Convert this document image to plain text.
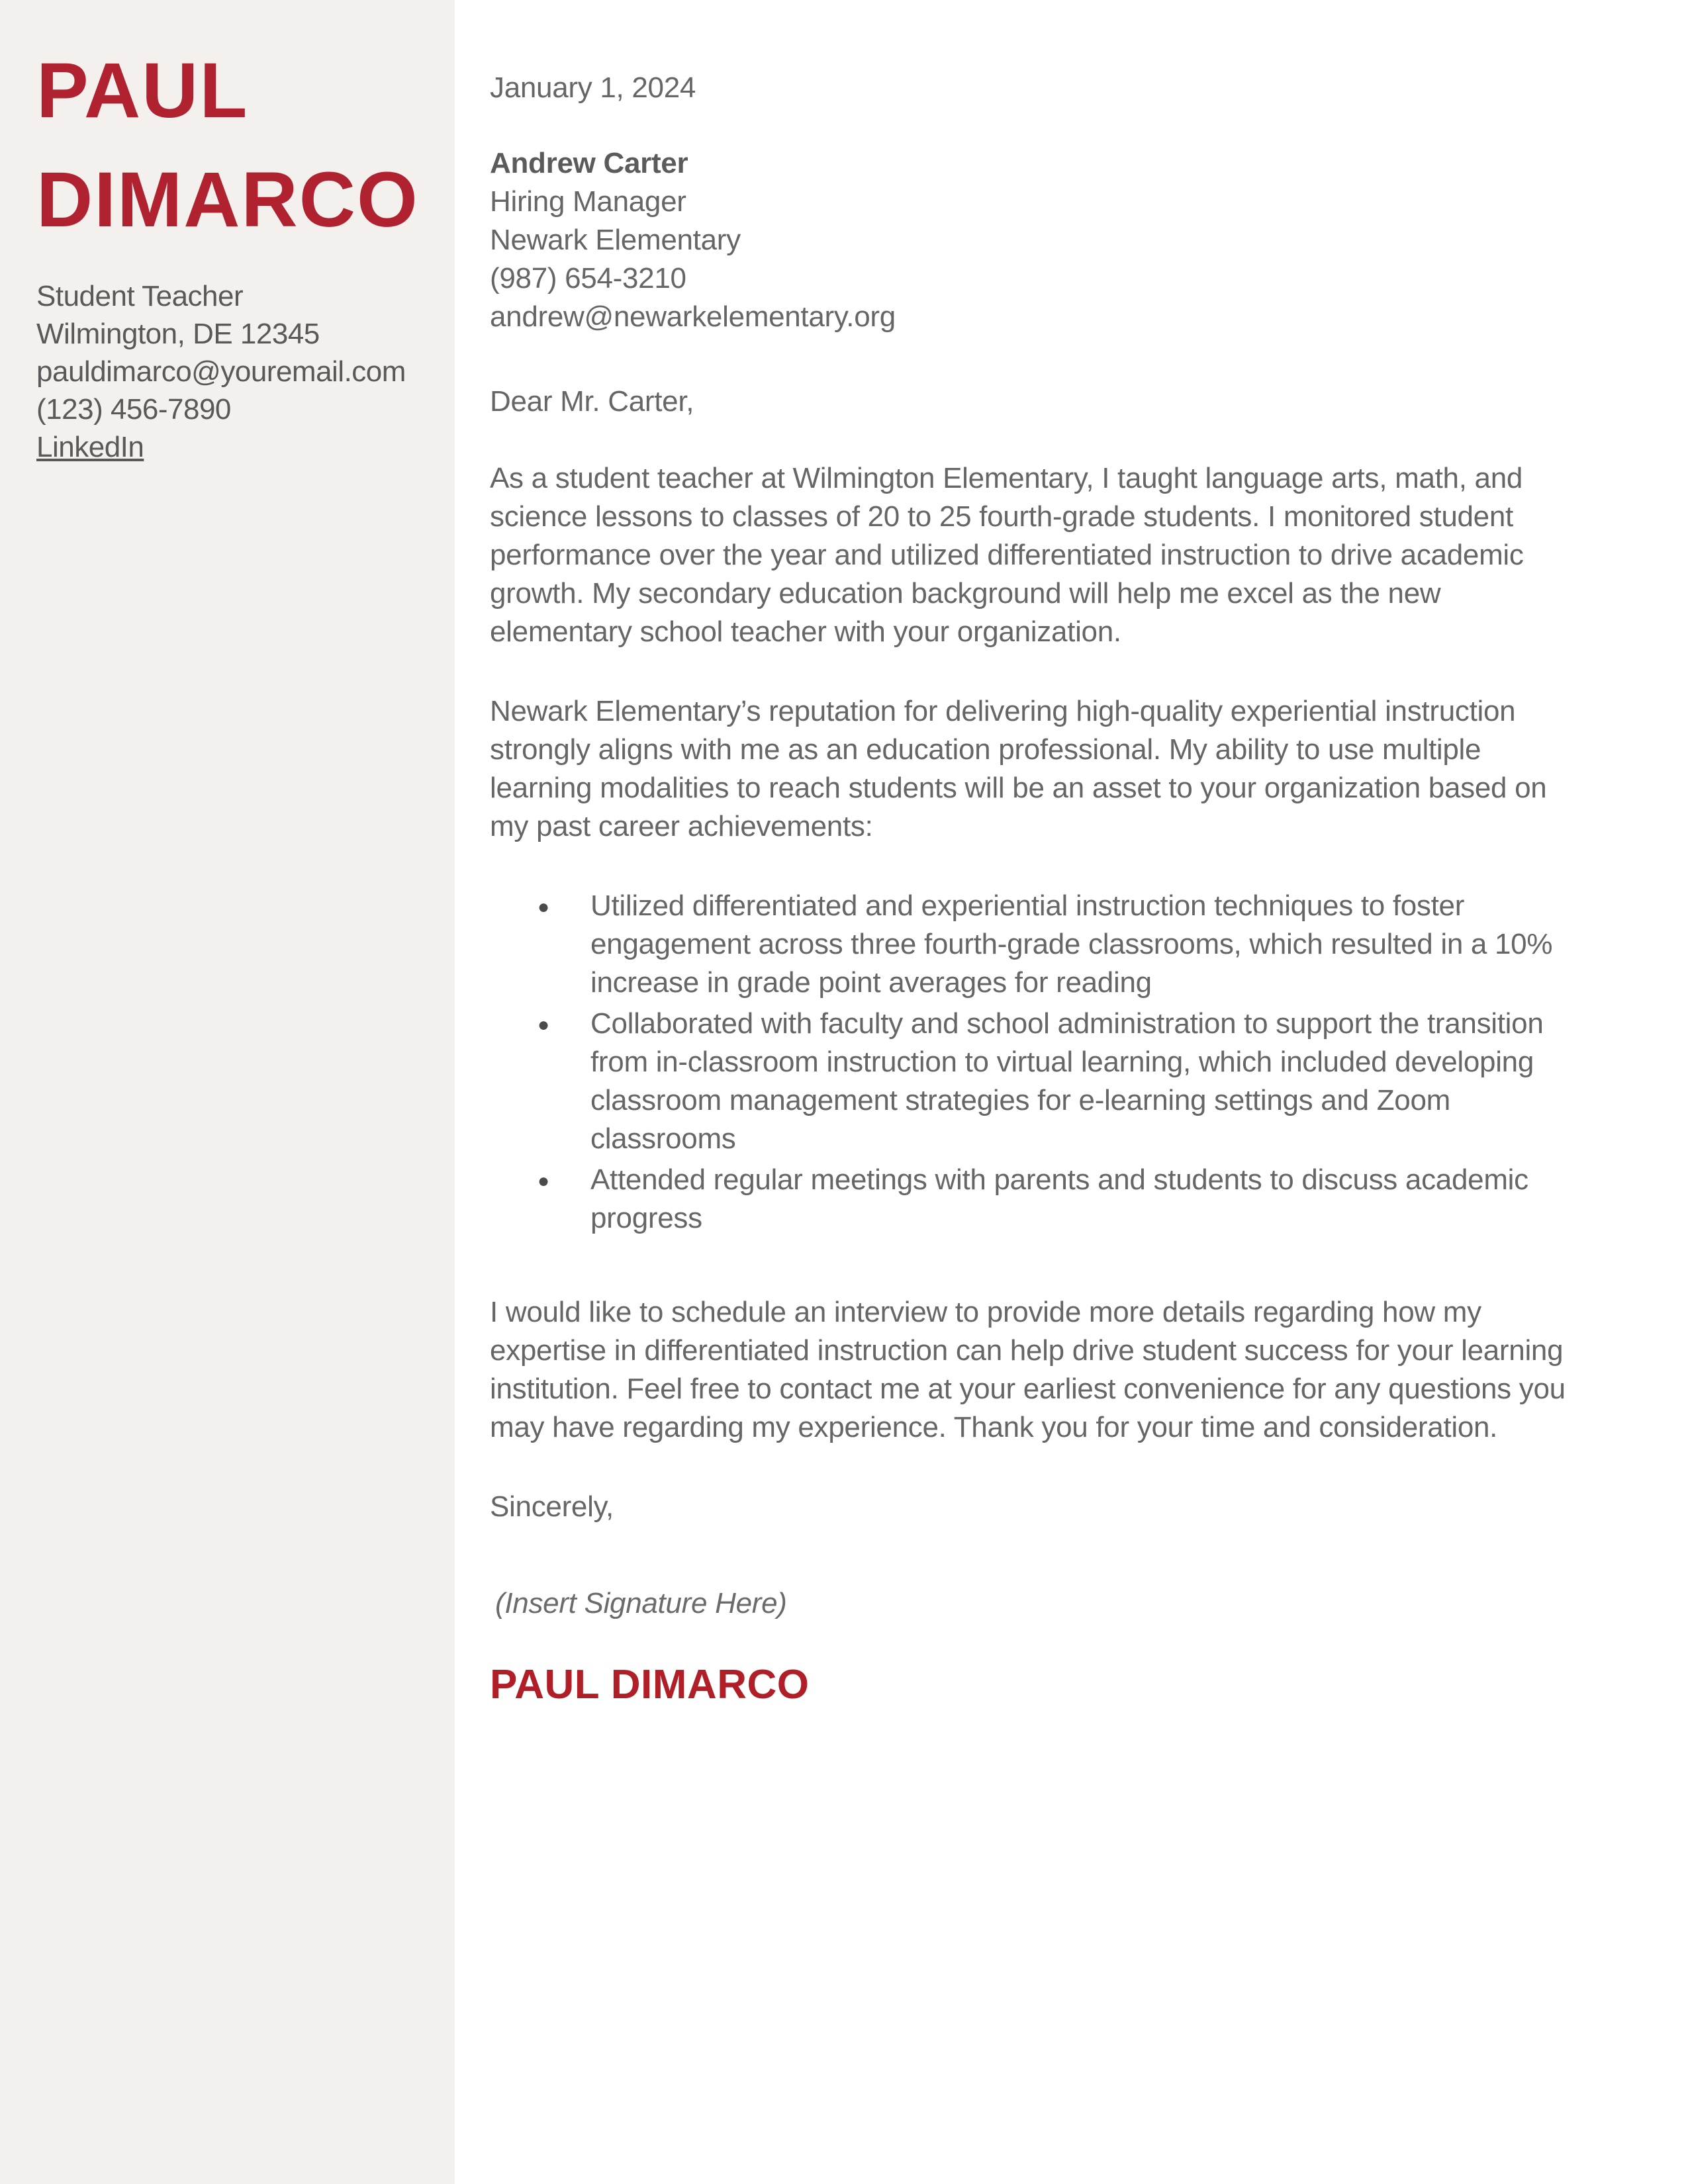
PAUL
DIMARCO
Student Teacher
Wilmington, DE 12345
pauldimarco@youremail.com
(123) 456-7890
LinkedIn
January 1, 2024
Andrew Carter
Hiring Manager
Newark Elementary
(987) 654-3210
andrew@newarkelementary.org
Dear Mr. Carter,

As a student teacher at Wilmington Elementary, I taught language arts, math, and science lessons to classes of 20 to 25 fourth-grade students. I monitored student performance over the year and utilized differentiated instruction to drive academic growth. My secondary education background will help me excel as the new elementary school teacher with your organization.

Newark Elementary’s reputation for delivering high-quality experiential instruction strongly aligns with me as an education professional. My ability to use multiple learning modalities to reach students will be an asset to your organization based on my past career achievements:

● Utilized differentiated and experiential instruction techniques to foster engagement across three fourth-grade classrooms, which resulted in a 10% increase in grade point averages for reading
● Collaborated with faculty and school administration to support the transition from in-classroom instruction to virtual learning, which included developing classroom management strategies for e-learning settings and Zoom classrooms
● Attended regular meetings with parents and students to discuss academic progress

I would like to schedule an interview to provide more details regarding how my expertise in differentiated instruction can help drive student success for your learning institution. Feel free to contact me at your earliest convenience for any questions you may have regarding my experience. Thank you for your time and consideration.

Sincerely,
(Insert Signature Here)
PAUL DIMARCO
